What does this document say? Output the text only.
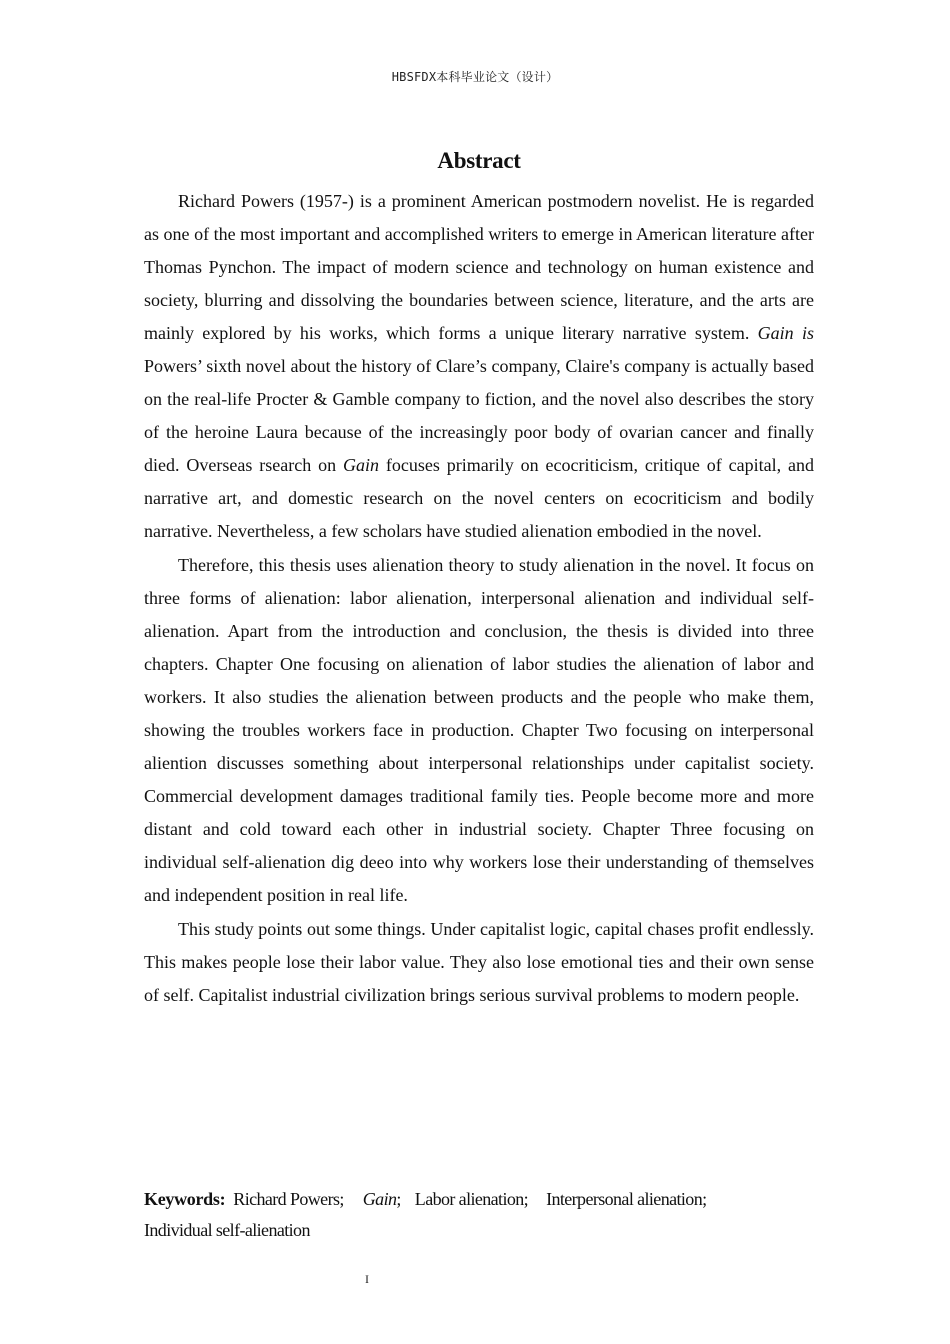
HBSFDX本科毕业论文（设计）
Abstract

Richard Powers (1957-) is a prominent American postmodern novelist. He is regarded as one of the most important and accomplished writers to emerge in American literature after Thomas Pynchon. The impact of modern science and technology on human existence and society, blurring and dissolving the boundaries between science, literature, and the arts are mainly explored by his works, which forms a unique literary narrative system. Gain is Powers’ sixth novel about the history of Clare’s company, Claire's company is actually based on the real-life Procter & Gamble company to fiction, and the novel also describes the story of the heroine Laura because of the increasingly poor body of ovarian cancer and finally died. Overseas rsearch on Gain focuses primarily on ecocriticism, critique of capital, and narrative art, and domestic research on the novel centers on ecocriticism and bodily narrative. Nevertheless, a few scholars have studied alienation embodied in the novel.

Therefore, this thesis uses alienation theory to study alienation in the novel. It focus on three forms of alienation: labor alienation, interpersonal alienation and individual self-alienation. Apart from the introduction and conclusion, the thesis is divided into three chapters. Chapter One focusing on alienation of labor studies the alienation of labor and workers. It also studies the alienation between products and the people who make them, showing the troubles workers face in production. Chapter Two focusing on interpersonal aliention discusses something about interpersonal relationships under capitalist society. Commercial development damages traditional family ties. People become more and more distant and cold toward each other in industrial society. Chapter Three focusing on individual self-alienation dig deeo into why workers lose their understanding of themselves and independent position in real life.

This study points out some things. Under capitalist logic, capital chases profit endlessly. This makes people lose their labor value. They also lose emotional ties and their own sense of self. Capitalist industrial civilization brings serious survival problems to modern people.

Keywords: Richard Powers; Gain; Labor alienation; Interpersonal alienation;
Individual self-alienation
I
